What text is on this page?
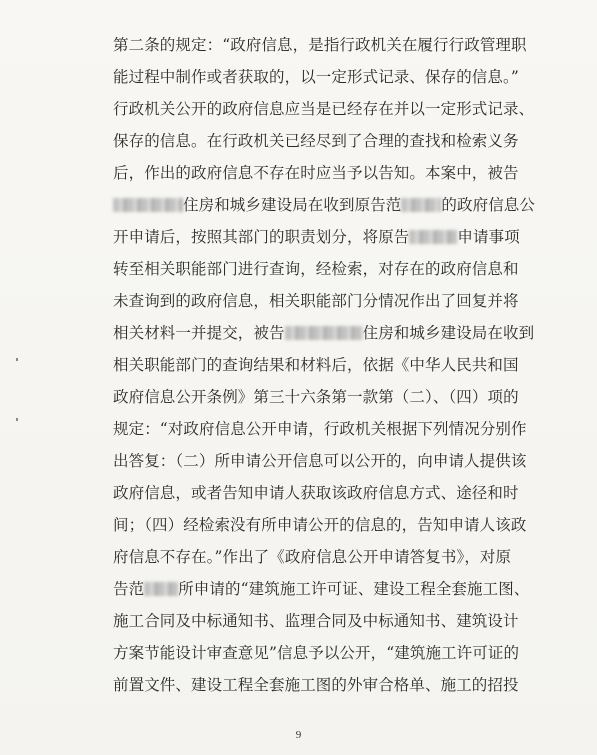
第二条的规定：“政府信息，是指行政机关在履行行政管理职
能过程中制作或者获取的，以一定形式记录、保存的信息。”
行政机关公开的政府信息应当是已经存在并以一定形式记录、
保存的信息。在行政机关已经尽到了合理的查找和检索义务
后，作出的政府信息不存在时应当予以告知。本案中，被告
住房和城乡建设局在收到原告范	的政府信息公
开申请后，按照其部门的职责划分，将原告	申请事项
转至相关职能部门进行查询，经检索，对存在的政府信息和
未查询到的政府信息，相关职能部门分情况作出了回复并将
相关材料一并提交，被告	住房和城乡建设局在收到
相关职能部门的查询结果和材料后，依据《中华人民共和国
政府信息公开条例》第三十六条第一款第（二）、（四）项的
规定：“对政府信息公开申请，行政机关根据下列情况分别作
出答复：（二）所申请公开信息可以公开的，向申请人提供该
政府信息，或者告知申请人获取该政府信息方式、途径和时
间；（四）经检索没有所申请公开的信息的，告知申请人该政
府信息不存在。”作出了《政府信息公开申请答复书》，对原
告范 所申请的“建筑施工许可证、建设工程全套施工图、
施工合同及中标通知书、监理合同及中标通知书、建筑设计
方案节能设计审查意见”信息予以公开，“建筑施工许可证的
前置文件、建设工程全套施工图的外审合格单、施工的招投
9
